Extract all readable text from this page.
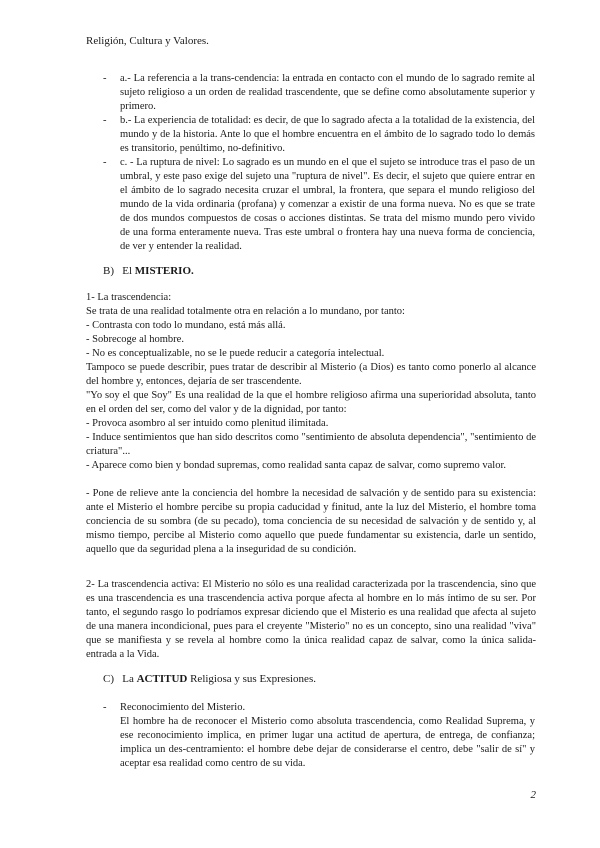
Religión, Cultura y Valores.
- a.- La referencia a la trans-cendencia: la entrada en contacto con el mundo de lo sagrado remite al sujeto religioso a un orden de realidad trascendente, que se define como absolutamente superior y primero.
- b.- La experiencia de totalidad: es decir, de que lo sagrado afecta a la totalidad de la existencia, del mundo y de la historia. Ante lo que el hombre encuentra en el ámbito de lo sagrado todo lo demás es transitorio, penúltimo, no-definitivo.
- c. - La ruptura de nivel: Lo sagrado es un mundo en el que el sujeto se introduce tras el paso de un umbral, y este paso exige del sujeto una "ruptura de nivel". Es decir, el sujeto que quiere entrar en el ámbito de lo sagrado necesita cruzar el umbral, la frontera, que separa el mundo religioso del mundo de la vida ordinaria (profana) y comenzar a existir de una forma nueva. No es que se trate de dos mundos compuestos de cosas o acciones distintas. Se trata del mismo mundo pero vivido de una forma enteramente nueva. Tras este umbral o frontera hay una nueva forma de conciencia, de ver y entender la realidad.
B) El MISTERIO.
1- La trascendencia:
Se trata de una realidad totalmente otra en relación a lo mundano, por tanto:
- Contrasta con todo lo mundano, está más allá.
- Sobrecoge al hombre.
- No es conceptualizable, no se le puede reducir a categoría intelectual.
Tampoco se puede describir, pues tratar de describir al Misterio (a Dios) es tanto como ponerlo al alcance del hombre y, entonces, dejaría de ser trascendente.
"Yo soy el que Soy" Es una realidad de la que el hombre religioso afirma una superioridad absoluta, tanto en el orden del ser, como del valor y de la dignidad, por tanto:
- Provoca asombro al ser intuido como plenitud ilimitada.
- Induce sentimientos que han sido descritos como "sentimiento de absoluta dependencia", "sentimiento de criatura"...
- Aparece como bien y bondad supremas, como realidad santa capaz de salvar, como supremo valor.
- Pone de relieve ante la conciencia del hombre la necesidad de salvación y de sentido para su existencia: ante el Misterio el hombre percibe su propia caducidad y finitud, ante la luz del Misterio, el hombre toma conciencia de su sombra (de su pecado), toma conciencia de su necesidad de salvación y de sentido y, al mismo tiempo, percibe al Misterio como aquello que puede fundamentar su existencia, darle un sentido, aquello que da seguridad plena a la inseguridad de su condición.
2- La trascendencia activa: El Misterio no sólo es una realidad caracterizada por la trascendencia, sino que es una trascendencia es una trascendencia activa porque afecta al hombre en lo más íntimo de su ser. Por tanto, el segundo rasgo lo podríamos expresar diciendo que el Misterio es una realidad que afecta al sujeto de una manera incondicional, pues para el creyente "Misterio" no es un concepto, sino una realidad "viva" que se manifiesta y se revela al hombre como la única realidad capaz de salvar, como la única salida-entrada a la Vida.
C) La ACTITUD Religiosa y sus Expresiones.
- Reconocimiento del Misterio.
El hombre ha de reconocer el Misterio como absoluta trascendencia, como Realidad Suprema, y ese reconocimiento implica, en primer lugar una actitud de apertura, de entrega, de confianza; implica un des-centramiento: el hombre debe dejar de considerarse el centro, debe "salir de sí" y aceptar esa realidad como centro de su vida.
2
